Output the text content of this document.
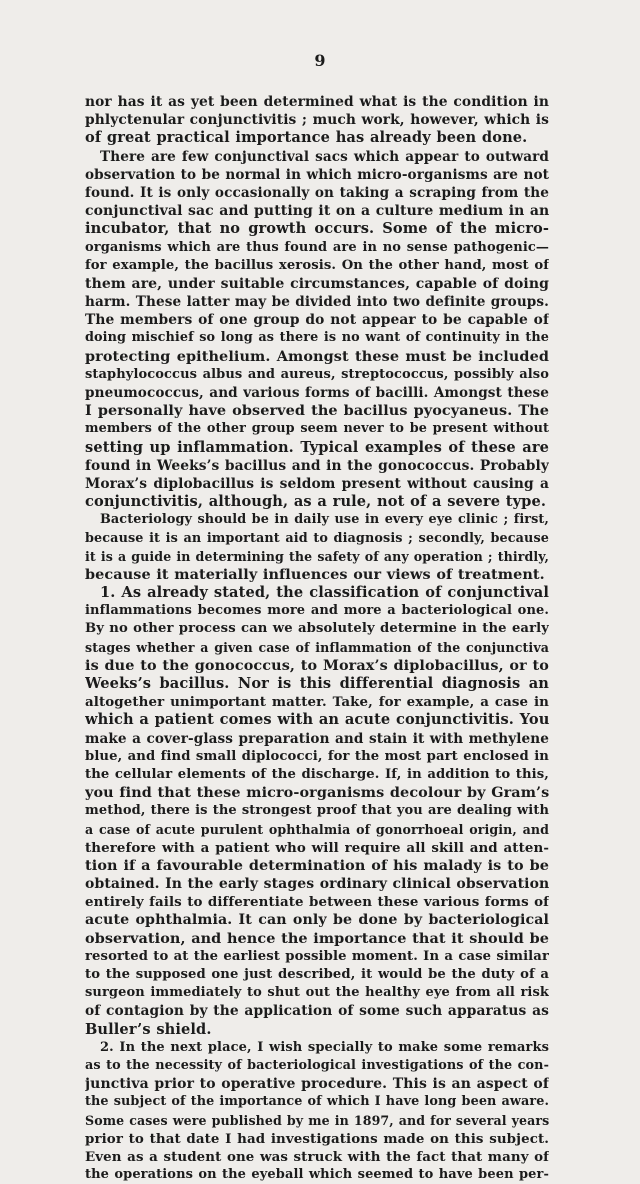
9
nor has it as yet been determined what is the condition in
phlyctenular conjunctivitis ; much work, however, which is
of great practical importance has already been done.
There are few conjunctival sacs which appear to outward
observation to be normal in which micro-organisms are not
found. It is only occasionally on taking a scraping from the
conjunctival sac and putting it on a culture medium in an
incubator, that no growth occurs. Some of the micro-
organisms which are thus found are in no sense pathogenic—
for example, the bacillus xerosis. On the other hand, most of
them are, under suitable circumstances, capable of doing
harm. These latter may be divided into two definite groups.
The members of one group do not appear to be capable of
doing mischief so long as there is no want of continuity in the
protecting epithelium. Amongst these must be included
staphylococcus albus and aureus, streptococcus, possibly also
pneumococcus, and various forms of bacilli. Amongst these
I personally have observed the bacillus pyocyaneus. The
members of the other group seem never to be present without
setting up inflammation. Typical examples of these are
found in Weeks’s bacillus and in the gonococcus. Probably
Morax’s diplobacillus is seldom present without causing a
conjunctivitis, although, as a rule, not of a severe type.
Bacteriology should be in daily use in every eye clinic ; first,
because it is an important aid to diagnosis ; secondly, because
it is a guide in determining the safety of any operation ; thirdly,
because it materially influences our views of treatment.
1. As already stated, the classification of conjunctival
inflammations becomes more and more a bacteriological one.
By no other process can we absolutely determine in the early
stages whether a given case of inflammation of the conjunctiva
is due to the gonococcus, to Morax’s diplobacillus, or to
Weeks’s bacillus. Nor is this differential diagnosis an
altogether unimportant matter. Take, for example, a case in
which a patient comes with an acute conjunctivitis. You
make a cover-glass preparation and stain it with methylene
blue, and find small diplococci, for the most part enclosed in
the cellular elements of the discharge. If, in addition to this,
you find that these micro-organisms decolour by Gram’s
method, there is the strongest proof that you are dealing with
a case of acute purulent ophthalmia of gonorrhoeal origin, and
therefore with a patient who will require all skill and atten-
tion if a favourable determination of his malady is to be
obtained. In the early stages ordinary clinical observation
entirely fails to differentiate between these various forms of
acute ophthalmia. It can only be done by bacteriological
observation, and hence the importance that it should be
resorted to at the earliest possible moment. In a case similar
to the supposed one just described, it would be the duty of a
surgeon immediately to shut out the healthy eye from all risk
of contagion by the application of some such apparatus as
Buller’s shield.
2. In the next place, I wish specially to make some remarks
as to the necessity of bacteriological investigations of the con-
junctiva prior to operative procedure. This is an aspect of
the subject of the importance of which I have long been aware.
Some cases were published by me in 1897, and for several years
prior to that date I had investigations made on this subject.
Even as a student one was struck with the fact that many of
the operations on the eyeball which seemed to have been per-
